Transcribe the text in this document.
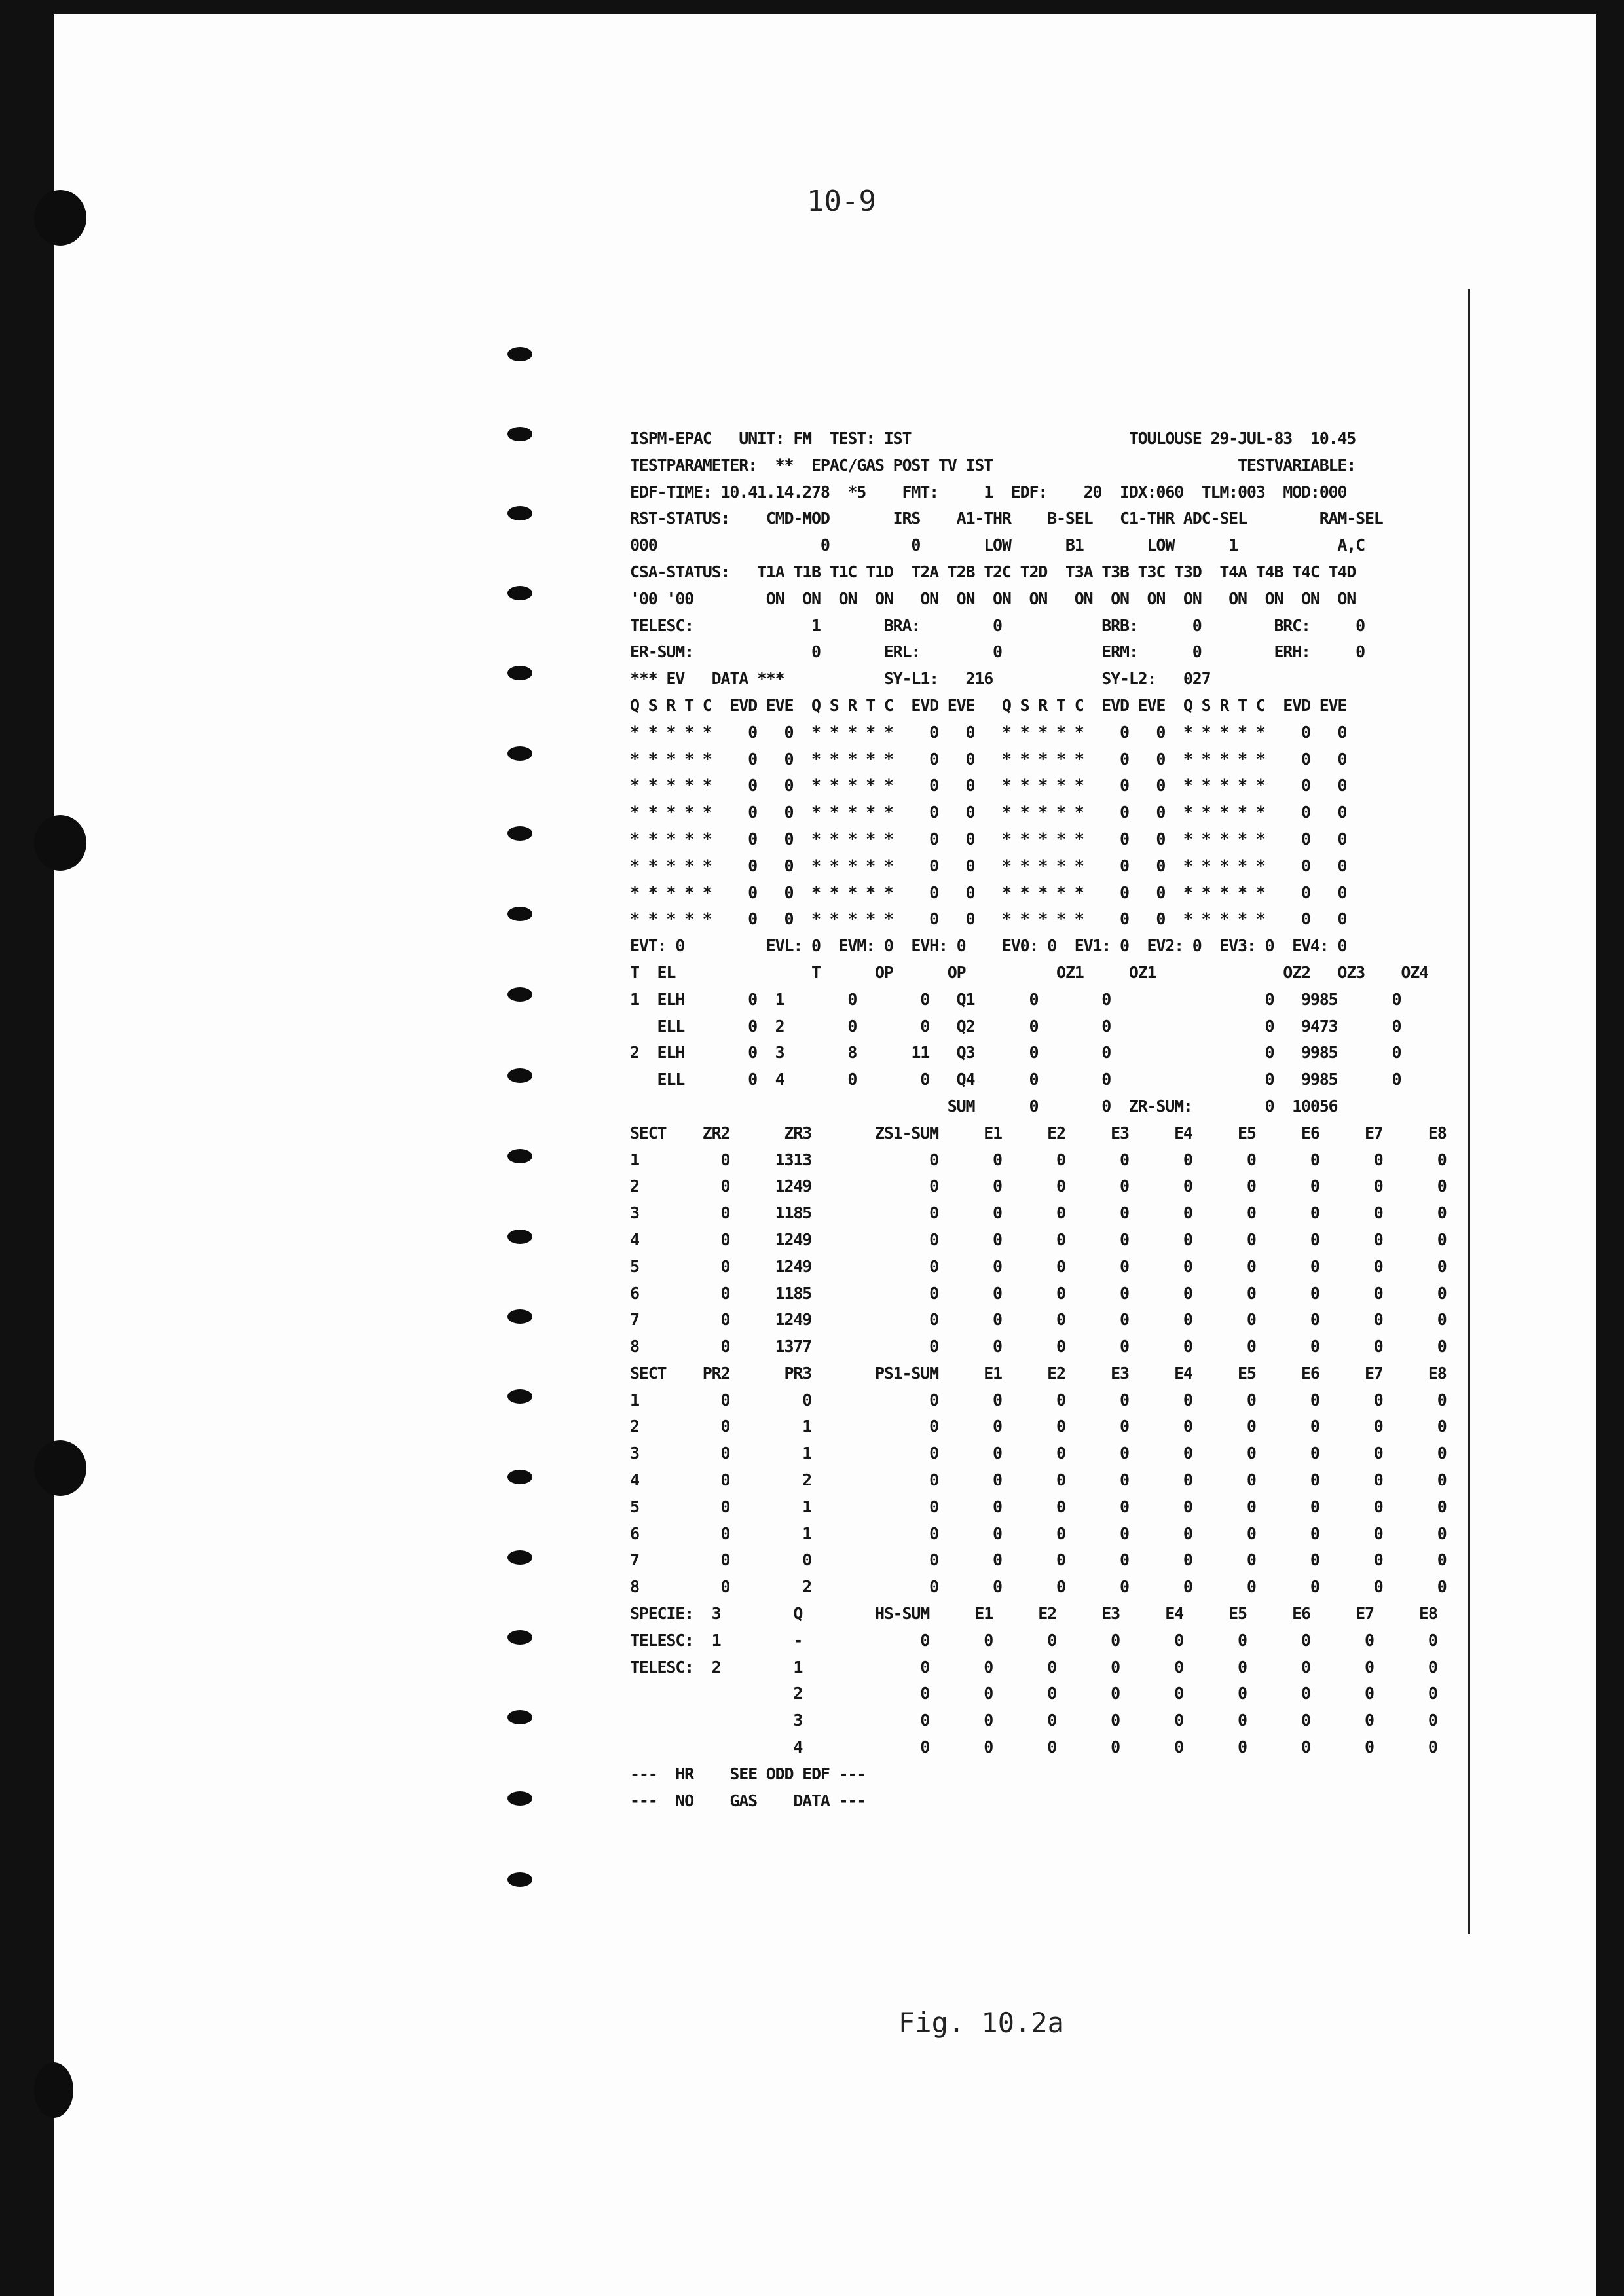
10-9
ISPM-EPAC   UNIT: FM  TEST: IST                        TOULOUSE 29-JUL-83  10.45
TESTPARAMETER:  **  EPAC/GAS POST TV IST                           TESTVARIABLE:
EDF-TIME: 10.41.14.278  *5    FMT:     1  EDF:    20  IDX:060  TLM:003  MOD:000
RST-STATUS:    CMD-MOD       IRS    A1-THR    B-SEL   C1-THR ADC-SEL        RAM-SEL
000                  0         0       LOW      B1       LOW      1           A,C
CSA-STATUS:   T1A T1B T1C T1D  T2A T2B T2C T2D  T3A T3B T3C T3D  T4A T4B T4C T4D
'00 '00        ON  ON  ON  ON   ON  ON  ON  ON   ON  ON  ON  ON   ON  ON  ON  ON
TELESC:             1       BRA:        0           BRB:      0        BRC:     0
ER-SUM:             0       ERL:        0           ERM:      0        ERH:     0
*** EV   DATA ***           SY-L1:   216            SY-L2:   027
Q S R T C  EVD EVE  Q S R T C  EVD EVE   Q S R T C  EVD EVE  Q S R T C  EVD EVE
* * * * *    0   0  * * * * *    0   0   * * * * *    0   0  * * * * *    0   0
* * * * *    0   0  * * * * *    0   0   * * * * *    0   0  * * * * *    0   0
* * * * *    0   0  * * * * *    0   0   * * * * *    0   0  * * * * *    0   0
* * * * *    0   0  * * * * *    0   0   * * * * *    0   0  * * * * *    0   0
* * * * *    0   0  * * * * *    0   0   * * * * *    0   0  * * * * *    0   0
* * * * *    0   0  * * * * *    0   0   * * * * *    0   0  * * * * *    0   0
* * * * *    0   0  * * * * *    0   0   * * * * *    0   0  * * * * *    0   0
* * * * *    0   0  * * * * *    0   0   * * * * *    0   0  * * * * *    0   0
EVT: 0         EVL: 0  EVM: 0  EVH: 0    EV0: 0  EV1: 0  EV2: 0  EV3: 0  EV4: 0
T  EL               T      OP      OP          OZ1     OZ1              OZ2   OZ3    OZ4
1  ELH       0  1       0       0   Q1      0       0                 0   9985      0
ELL       0  2       0       0   Q2      0       0                 0   9473      0
2  ELH       0  3       8      11   Q3      0       0                 0   9985      0
ELL       0  4       0       0   Q4      0       0                 0   9985      0
SUM      0       0  ZR-SUM:        0  10056
SECT    ZR2      ZR3       ZS1-SUM     E1     E2     E3     E4     E5     E6     E7     E8
1         0     1313             0      0      0      0      0      0      0      0      0
2         0     1249             0      0      0      0      0      0      0      0      0
3         0     1185             0      0      0      0      0      0      0      0      0
4         0     1249             0      0      0      0      0      0      0      0      0
5         0     1249             0      0      0      0      0      0      0      0      0
6         0     1185             0      0      0      0      0      0      0      0      0
7         0     1249             0      0      0      0      0      0      0      0      0
8         0     1377             0      0      0      0      0      0      0      0      0
SECT    PR2      PR3       PS1-SUM     E1     E2     E3     E4     E5     E6     E7     E8
1         0        0             0      0      0      0      0      0      0      0      0
2         0        1             0      0      0      0      0      0      0      0      0
3         0        1             0      0      0      0      0      0      0      0      0
4         0        2             0      0      0      0      0      0      0      0      0
5         0        1             0      0      0      0      0      0      0      0      0
6         0        1             0      0      0      0      0      0      0      0      0
7         0        0             0      0      0      0      0      0      0      0      0
8         0        2             0      0      0      0      0      0      0      0      0
SPECIE:  3        Q        HS-SUM     E1     E2     E3     E4     E5     E6     E7     E8
TELESC:  1        -             0      0      0      0      0      0      0      0      0
TELESC:  2        1             0      0      0      0      0      0      0      0      0
2             0      0      0      0      0      0      0      0      0
3             0      0      0      0      0      0      0      0      0
4             0      0      0      0      0      0      0      0      0
---  HR    SEE ODD EDF ---
---  NO    GAS    DATA ---
Fig. 10.2a
